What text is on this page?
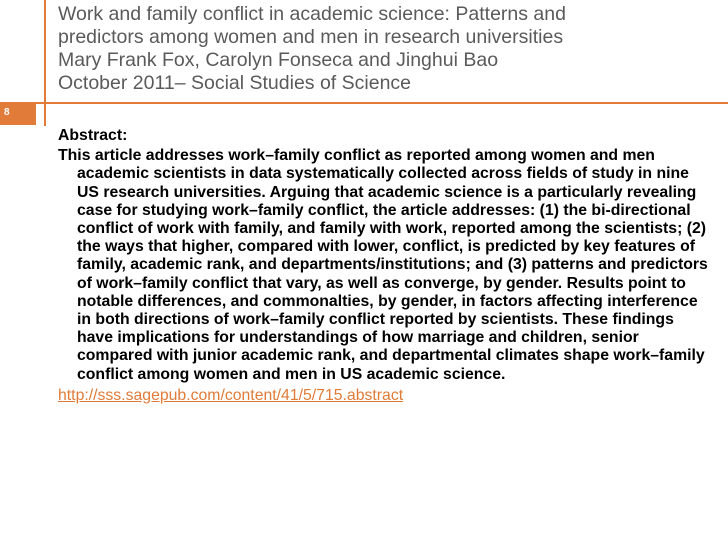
Work and family conflict in academic science: Patterns and
predictors among women and men in research universities
Mary Frank Fox, Carolyn Fonseca and Jinghui Bao
October 2011– Social Studies of Science
8

Abstract:

This article addresses work–family conflict as reported among women and men academic scientists in data systematically collected across fields of study in nine US research universities. Arguing that academic science is a particularly revealing case for studying work–family conflict, the article addresses: (1) the bi-directional conflict of work with family, and family with work, reported among the scientists; (2) the ways that higher, compared with lower, conflict, is predicted by key features of family, academic rank, and departments/institutions; and (3) patterns and predictors of work–family conflict that vary, as well as converge, by gender. Results point to notable differences, and commonalties, by gender, in factors affecting interference in both directions of work–family conflict reported by scientists. These findings have implications for understandings of how marriage and children, senior compared with junior academic rank, and departmental climates shape work–family conflict among women and men in US academic science.

http://sss.sagepub.com/content/41/5/715.abstract
